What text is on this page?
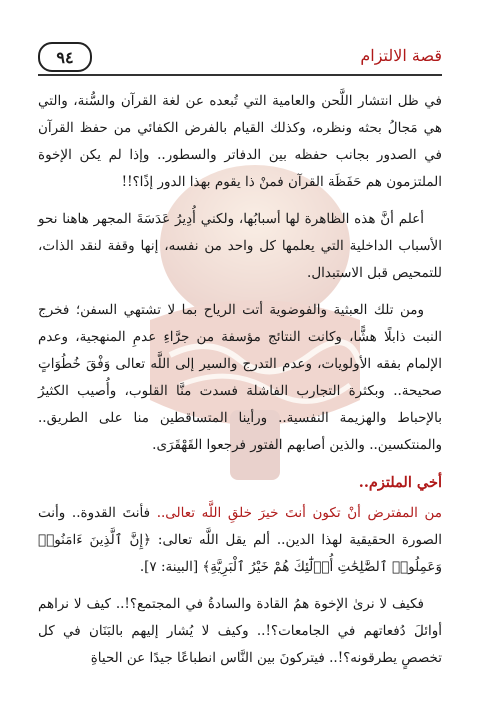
٩٤	قصة الالتزام

في ظل انتشار اللَّحن والعامية التي تُبعده عن لغة القرآن والسُّنة، والتي هي مَجالُ بحثه ونظره، وكذلك القيام بالفرض الكفائي من حفظ القرآن في الصدور بجانب حفظه بين الدفاتر والسطور.. وإذا لم يكن الإخوة الملتزمون هم حَفَظَة القرآن فمنْ ذا يقوم بهذا الدور إذًا؟!!

أعلم أنَّ هذه الظاهرة لها أسبابُها، ولكني أُدِيرُ عَدَسَةَ المجهر هاهنا نحو الأسباب الداخلية التي يعلمها كل واحد من نفسه، إنها وقفة لنقد الذات، للتمحيص قبل الاستبدال.

ومن تلك العبثية والفوضوية أتت الرياح بما لا تشتهي السفن؛ فخرج النبت ذابلًا هشًّا، وكانت النتائج مؤسفة من جرَّاءِ عدمِ المنهجية، وعدم الإلمام بفقه الأولويات، وعدم التدرج والسير إلى اللَّه تعالى وَفْقَ خُطُوَاتٍ صحيحة.. وبكثرة التجارب الفاشلة فسدت منَّا القلوب، وأُصيب الكثيرُ بالإحباط والهزيمة النفسية.. ورأينا المتساقطين منا على الطريق.. والمنتكسين.. والذين أصابهم الفتور فرجعوا القَهْقَرَى.

أخي الملتزم..

من المفترض أنْ تكون أنتَ خيرَ خلقِ اللَّه تعالى.. فأنتَ القدوة.. وأنت الصورة الحقيقية لهذا الدين.. ألم يقل اللَّه تعالى: ﴿إِنَّ ٱلَّذِينَ ءَامَنُوا۟ وَعَمِلُوا۟ ٱلصَّٰلِحَٰتِ أُو۟لَٰٓئِكَ هُمْ خَيْرُ ٱلْبَرِيَّةِ﴾ [البينة: ٧].

فكيف لا نرىٰ الإخوة همُ القادة والسادةُ في المجتمع؟!.. كيف لا نراهم أوائلَ دُفعاتهم في الجامعات؟!.. وكيف لا يُشار إليهم بالبَنَان في كل تخصصٍ يطرقونه؟!.. فيتركونَ بين النَّاس انطباعًا جيدًا عن الحياةِ
